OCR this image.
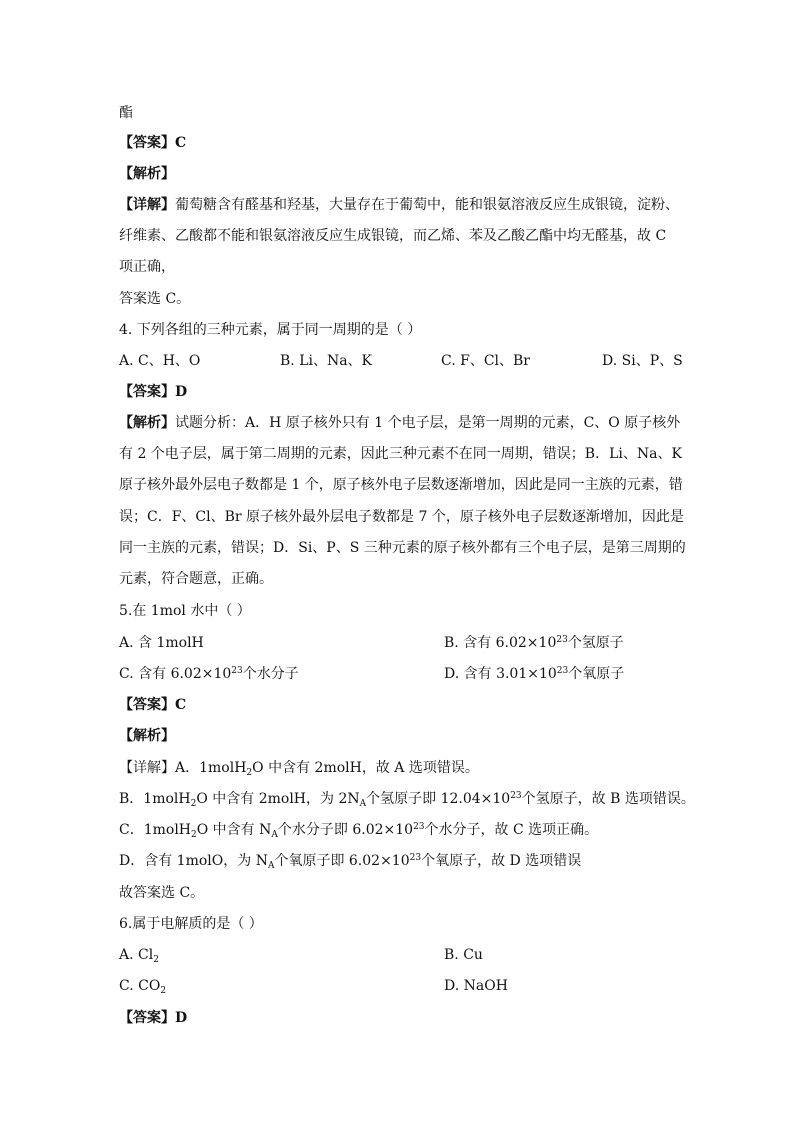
酯
【答案】C
【解析】
【详解】葡萄糖含有醛基和羟基，大量存在于葡萄中，能和银氨溶液反应生成银镜，淀粉、
纤维素、乙酸都不能和银氨溶液反应生成银镜，而乙烯、苯及乙酸乙酯中均无醛基，故 C
项正确，
答案选 C。
4. 下列各组的三种元素，属于同一周期的是（ ）
A. C、H、O	B. Li、Na、K	C. F、Cl、Br	D. Si、P、S
【答案】D
【解析】试题分析：A．H 原子核外只有 1 个电子层，是第一周期的元素，C、O 原子核外
有 2 个电子层，属于第二周期的元素，因此三种元素不在同一周期，错误；B．Li、Na、K
原子核外最外层电子数都是 1 个，原子核外电子层数逐渐增加，因此是同一主族的元素，错
误；C．F、Cl、Br 原子核外最外层电子数都是 7 个，原子核外电子层数逐渐增加，因此是
同一主族的元素，错误；D．Si、P、S 三种元素的原子核外都有三个电子层，是第三周期的
元素，符合题意，正确。
5.在 1mol 水中（ ）
A. 含 1molH	B. 含有 $6.02\times 10^{23}$个氢原子
C. 含有 $6.02\times 10^{23}$个水分子	D. 含有 $3.01\times 10^{23}$个氧原子
【答案】C
【解析】
【详解】A．1molH$_2$O 中含有 2molH，故 A 选项错误。
B．1molH$_2$O 中含有 2molH，为 $2N_A$个氢原子即 $12.04\times 10^{23}$个氢原子，故 B 选项错误。
C．1molH$_2$O 中含有 $N_A$个水分子即 $6.02\times 10^{23}$个水分子，故 C 选项正确。
D．含有 1molO，为 $N_A$个氧原子即 $6.02\times 10^{23}$个氧原子，故 D 选项错误
故答案选 C。
6.属于电解质的是（ ）
A. $Cl_2$	B. Cu
C. $CO_2$	D. NaOH
【答案】D
